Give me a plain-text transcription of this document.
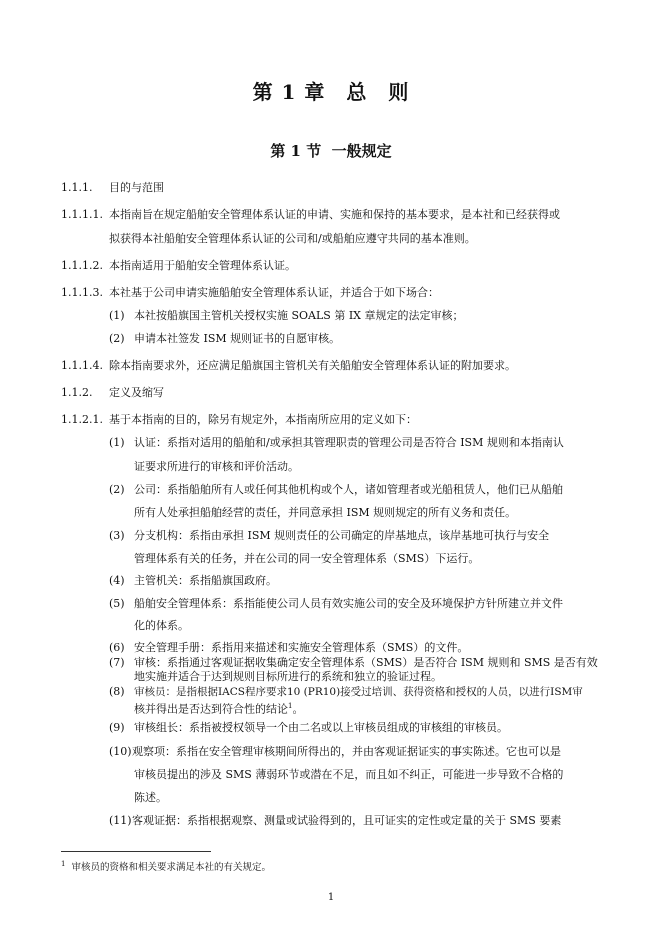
第 1 章　总　则
第 1 节  一般规定
1.1.1. 目的与范围
1.1.1.1. 本指南旨在规定船舶安全管理体系认证的申请、实施和保持的基本要求，是本社和已经获得或
拟获得本社船舶安全管理体系认证的公司和/或船舶应遵守共同的基本准则。
1.1.1.2. 本指南适用于船舶安全管理体系认证。
1.1.1.3. 本社基于公司申请实施船舶安全管理体系认证，并适合于如下场合：
(1) 本社按船旗国主管机关授权实施 SOALS 第 IX 章规定的法定审核；
(2) 申请本社签发 ISM 规则证书的自愿审核。
1.1.1.4. 除本指南要求外，还应满足船旗国主管机关有关船舶安全管理体系认证的附加要求。
1.1.2. 定义及缩写
1.1.2.1. 基于本指南的目的，除另有规定外，本指南所应用的定义如下：
(1) 认证：系指对适用的船舶和/或承担其管理职责的管理公司是否符合 ISM 规则和本指南认
证要求所进行的审核和评价活动。
(2) 公司：系指船舶所有人或任何其他机构或个人，诸如管理者或光船租赁人，他们已从船舶
所有人处承担船舶经营的责任，并同意承担 ISM 规则规定的所有义务和责任。
(3) 分支机构：系指由承担 ISM 规则责任的公司确定的岸基地点，该岸基地可执行与安全
管理体系有关的任务，并在公司的同一安全管理体系（SMS）下运行。
(4) 主管机关：系指船旗国政府。
(5) 船舶安全管理体系：系指能使公司人员有效实施公司的安全及环境保护方针所建立并文件
化的体系。
(6) 安全管理手册：系指用来描述和实施安全管理体系（SMS）的文件。
(7) 审核：系指通过客观证据收集确定安全管理体系（SMS）是否符合 ISM 规则和 SMS 是否有效
地实施并适合于达到规则目标所进行的系统和独立的验证过程。
(8) 审核员：是指根据IACS程序要求10 (PR10)接受过培训、获得资格和授权的人员，以进行ISM审
核并得出是否达到符合性的结论$^1$。
(9) 审核组长：系指被授权领导一个由二名或以上审核员组成的审核组的审核员。
(10) 观察项：系指在安全管理审核期间所得出的，并由客观证据证实的事实陈述。它也可以是
审核员提出的涉及 SMS 薄弱环节或潜在不足，而且如不纠正，可能进一步导致不合格的
陈述。
(11) 客观证据：系指根据观察、测量或试验得到的，且可证实的定性或定量的关于 SMS 要素
$^1$ 审核员的资格和相关要求满足本社的有关规定。
1
